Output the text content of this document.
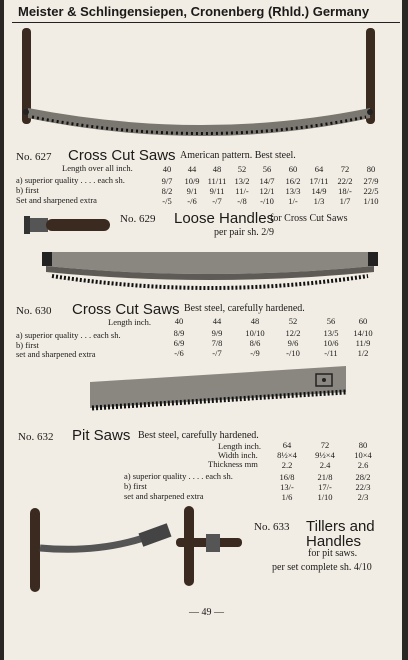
Meister & Schlingensiepen, Cronenberg (Rhld.) Germany
No. 627 Cross Cut Saws American pattern. Best steel.
Length over all inch.
a) superior quality . . . . each sh.
b) first
Set and sharpened extra
40	44	48	52	56	60	64	72	80
9/7	10/9 11/11 13/2	14/7	16/2	17/11	22/2	27/9
8/2	9/1	9/11	11/-	12/1	13/3	14/9	18/-	22/5
-/5	-/6	-/7	-/8	-/10	1/-	1/3	1/7	1/10
No. 629 Loose Handles
for Cross Cut Saws
per pair sh. 2/9
No. 630 Cross Cut Saws Best steel, carefully hardened.
Length inch.
a) superior quality . . . each sh.
b) first
set and sharpened extra
40	44	48	52	56	60
8/9	9/9	10/10	12/2	13/5	14/10
6/9	7/8	8/6	9/6	10/6	11/9
-/6	-/7	-/9	-/10	-/11	1/2
No. 632 Pit Saws Best steel, carefully hardened.
Length inch.
Width inch.
Thickness mm
a) superior quality . . . . each sh.
b) first
set and sharpened extra
64	72	80
8½×4	9½×4	10×4
2.2	2.4	2.6
16/8	21/8	28/2
13/-	17/-	22/3
1/6	1/10	2/3
No. 633 Tillers and
Handles
for pit saws.
per set complete sh. 4/10
— 49 —
